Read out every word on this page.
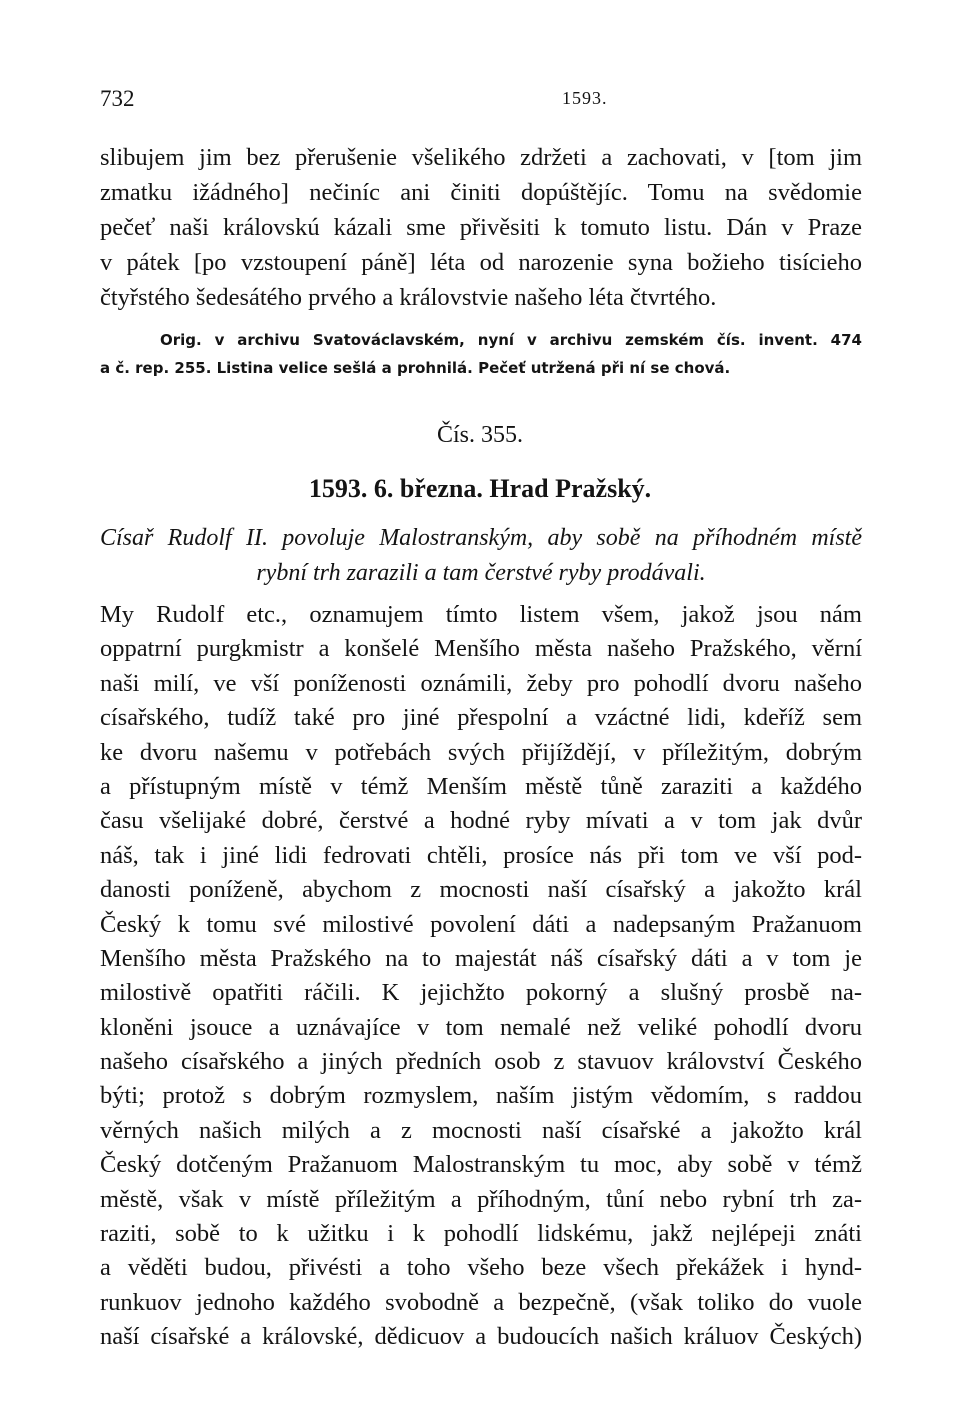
732	1593.
slibujem jim bez přerušenie všelikého zdržeti a zachovati, v [tom jim
zmatku ižádného] nečiníc ani činiti dopúštějíc. Tomu na svědomie
pečeť naši královskú kázali sme přivěsiti k tomuto listu. Dán v Praze
v pátek [po vzstoupení páně] léta od narozenie syna božieho tisícieho
čtyřstého šedesátého prvého a královstvie našeho léta čtvrtého.
Orig. v archivu Svatováclavském, nyní v archivu zemském čís. invent. 474
a č. rep. 255. Listina velice sešlá a prohnilá. Pečeť utržená při ní se chová.
Čís. 355.
1593. 6. března. Hrad Pražský.
Císař Rudolf II. povoluje Malostranským, aby sobě na příhodném místě
rybní trh zarazili a tam čerstvé ryby prodávali.
My Rudolf etc., oznamujem tímto listem všem, jakož jsou nám
oppatrní purgkmistr a konšelé Menšího města našeho Pražského, věrní
naši milí, ve vší poníženosti oznámili, žeby pro pohodlí dvoru našeho
císařského, tudíž také pro jiné přespolní a vzáctné lidi, kdeříž sem
ke dvoru našemu v potřebách svých přijíždějí, v příležitým, dobrým
a přístupným místě v témž Menším městě tůně zaraziti a každého
času všelijaké dobré, čerstvé a hodné ryby mívati a v tom jak dvůr
náš, tak i jiné lidi fedrovati chtěli, prosíce nás při tom ve vší pod-
danosti poníženě, abychom z mocnosti naší císařský a jakožto král
Český k tomu své milostivé povolení dáti a nadepsaným Pražanuom
Menšího města Pražského na to majestát náš císařský dáti a v tom je
milostivě opatřiti ráčili. K jejichžto pokorný a slušný prosbě na-
kloněni jsouce a uznávajíce v tom nemalé než veliké pohodlí dvoru
našeho císařského a jiných předních osob z stavuov království Českého
býti; protož s dobrým rozmyslem, naším jistým vědomím, s raddou
věrných našich milých a z mocnosti naší císařské a jakožto král
Český dotčeným Pražanuom Malostranským tu moc, aby sobě v témž
městě, však v místě příležitým a příhodným, tůní nebo rybní trh za-
raziti, sobě to k užitku i k pohodlí lidskému, jakž nejlépeji znáti
a věděti budou, přivésti a toho všeho beze všech překážek i hynd-
runkuov jednoho každého svobodně a bezpečně, (však toliko do vuole
naší císařské a královské, dědicuov a budoucích našich králuov Českých)
